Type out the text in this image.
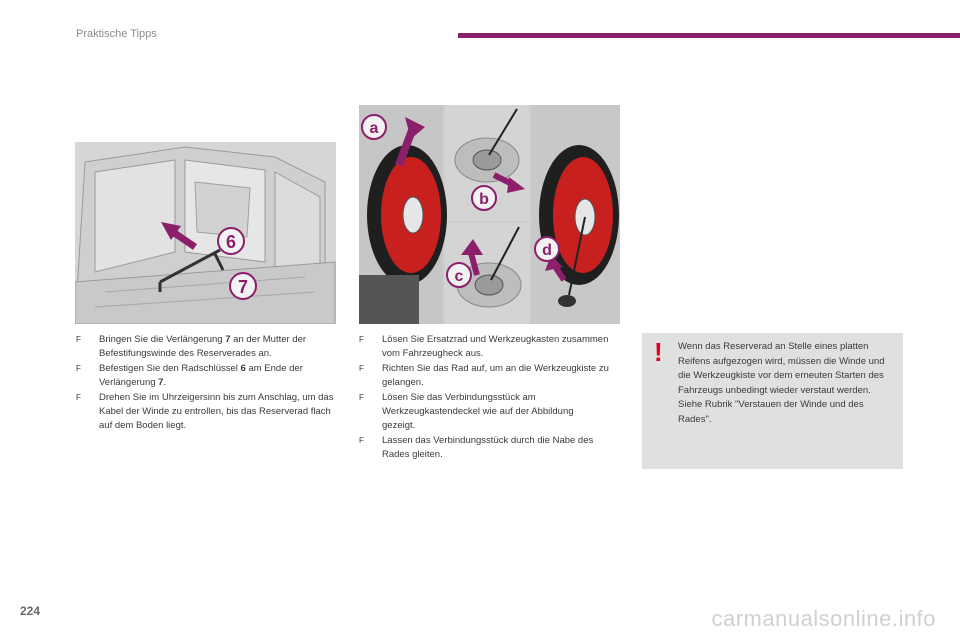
Praktische Tipps
6
7
a
b
c
d
F Bringen Sie die Verlängerung 7 an der Mutter der Befestifungswinde des Reserverades an.
F Befestigen Sie den Radschlüssel 6 am Ende der Verlängerung 7.
F Drehen Sie im Uhrzeigersinn bis zum Anschlag, um das Kabel der Winde zu entrollen, bis das Reserverad flach auf dem Boden liegt.
F Lösen Sie Ersatzrad und Werkzeugkasten zusammen vom Fahrzeugheck aus.
F Richten Sie das Rad auf, um an die Werkzeugkiste zu gelangen.
F Lösen Sie das Verbindungsstück am Werkzeugkastendeckel wie auf der Abbildung gezeigt.
F Lassen das Verbindungsstück durch die Nabe des Rades gleiten.
! Wenn das Reserverad an Stelle eines platten Reifens aufgezogen wird, müssen die Winde und die Werkzeugkiste vor dem erneuten Starten des Fahrzeugs unbedingt wieder verstaut werden.

Siehe Rubrik "Verstauen der Winde und des Rades".

224	carmanualsonline.info
